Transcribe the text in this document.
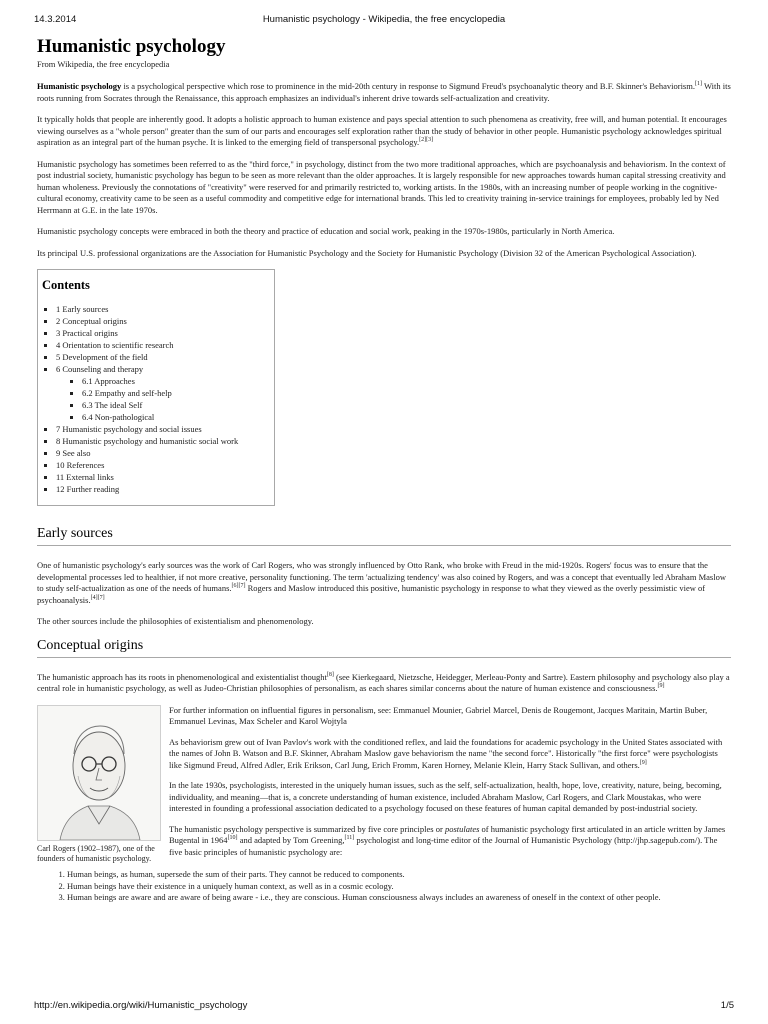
14.3.2014	Humanistic psychology - Wikipedia, the free encyclopedia
Humanistic psychology
From Wikipedia, the free encyclopedia

Humanistic psychology is a psychological perspective which rose to prominence in the mid-20th century in response to Sigmund Freud's psychoanalytic theory and B.F. Skinner's Behaviorism.[1] With its roots running from Socrates through the Renaissance, this approach emphasizes an individual's inherent drive towards self-actualization and creativity.

It typically holds that people are inherently good. It adopts a holistic approach to human existence and pays special attention to such phenomena as creativity, free will, and human potential. It encourages viewing ourselves as a "whole person" greater than the sum of our parts and encourages self exploration rather than the study of behavior in other people. Humanistic psychology acknowledges spiritual aspiration as an integral part of the human psyche. It is linked to the emerging field of transpersonal psychology.[2][3]

Humanistic psychology has sometimes been referred to as the "third force," in psychology, distinct from the two more traditional approaches, which are psychoanalysis and behaviorism. In the context of post industrial society, humanistic psychology has begun to be seen as more relevant than the older approaches. It is largely responsible for new approaches towards human capital stressing creativity and human wholeness. Previously the connotations of "creativity" were reserved for and primarily restricted to, working artists. In the 1980s, with an increasing number of people working in the cognitive-cultural economy, creativity came to be seen as a useful commodity and competitive edge for international brands. This led to creativity training in-service trainings for employees, probably led by Ned Herrmann at G.E. in the late 1970s.

Humanistic psychology concepts were embraced in both the theory and practice of education and social work, peaking in the 1970s-1980s, particularly in North America.

Its principal U.S. professional organizations are the Association for Humanistic Psychology and the Society for Humanistic Psychology (Division 32 of the American Psychological Association).

Contents
▪ 1 Early sources
▪ 2 Conceptual origins
▪ 3 Practical origins
▪ 4 Orientation to scientific research
▪ 5 Development of the field
▪ 6 Counseling and therapy
▪ 6.1 Approaches
▪ 6.2 Empathy and self-help
▪ 6.3 The ideal Self
▪ 6.4 Non-pathological
▪ 7 Humanistic psychology and social issues
▪ 8 Humanistic psychology and humanistic social work
▪ 9 See also
▪ 10 References
▪ 11 External links
▪ 12 Further reading
Early sources

One of humanistic psychology's early sources was the work of Carl Rogers, who was strongly influenced by Otto Rank, who broke with Freud in the mid-1920s. Rogers' focus was to ensure that the developmental processes led to healthier, if not more creative, personality functioning. The term 'actualizing tendency' was also coined by Rogers, and was a concept that eventually led Abraham Maslow to study self-actualization as one of the needs of humans.[6][7] Rogers and Maslow introduced this positive, humanistic psychology in response to what they viewed as the overly pessimistic view of psychoanalysis.[4][7]

The other sources include the philosophies of existentialism and phenomenology.

Conceptual origins

The humanistic approach has its roots in phenomenological and existentialist thought[8] (see Kierkegaard, Nietzsche, Heidegger, Merleau-Ponty and Sartre). Eastern philosophy and psychology also play a central role in humanistic psychology, as well as Judeo-Christian philosophies of personalism, as each shares similar concerns about the nature of human existence and consciousness.[9]

Carl Rogers (1902–1987), one of the founders of humanistic psychology.

For further information on influential figures in personalism, see: Emmanuel Mounier, Gabriel Marcel, Denis de Rougemont, Jacques Maritain, Martin Buber, Emmanuel Levinas, Max Scheler and Karol Wojtyla

As behaviorism grew out of Ivan Pavlov's work with the conditioned reflex, and laid the foundations for academic psychology in the United States associated with the names of John B. Watson and B.F. Skinner, Abraham Maslow gave behaviorism the name "the second force". Historically "the first force" were psychologists like Sigmund Freud, Alfred Adler, Erik Erikson, Carl Jung, Erich Fromm, Karen Horney, Melanie Klein, Harry Stack Sullivan, and others.[9]

In the late 1930s, psychologists, interested in the uniquely human issues, such as the self, self-actualization, health, hope, love, creativity, nature, being, becoming, individuality, and meaning—that is, a concrete understanding of human existence, included Abraham Maslow, Carl Rogers, and Clark Moustakas, who were interested in founding a professional association dedicated to a psychology focused on these features of human capital demanded by post-industrial society.

The humanistic psychology perspective is summarized by five core principles or postulates of humanistic psychology first articulated in an article written by James Bugental in 1964[10] and adapted by Tom Greening,[11] psychologist and long-time editor of the Journal of Humanistic Psychology (http://jhp.sagepub.com/). The five basic principles of humanistic psychology are:

1. Human beings, as human, supersede the sum of their parts. They cannot be reduced to components.
2. Human beings have their existence in a uniquely human context, as well as in a cosmic ecology.
3. Human beings are aware and are aware of being aware - i.e., they are conscious. Human consciousness always includes an awareness of oneself in the context of other people.
http://en.wikipedia.org/wiki/Humanistic_psychology	1/5
